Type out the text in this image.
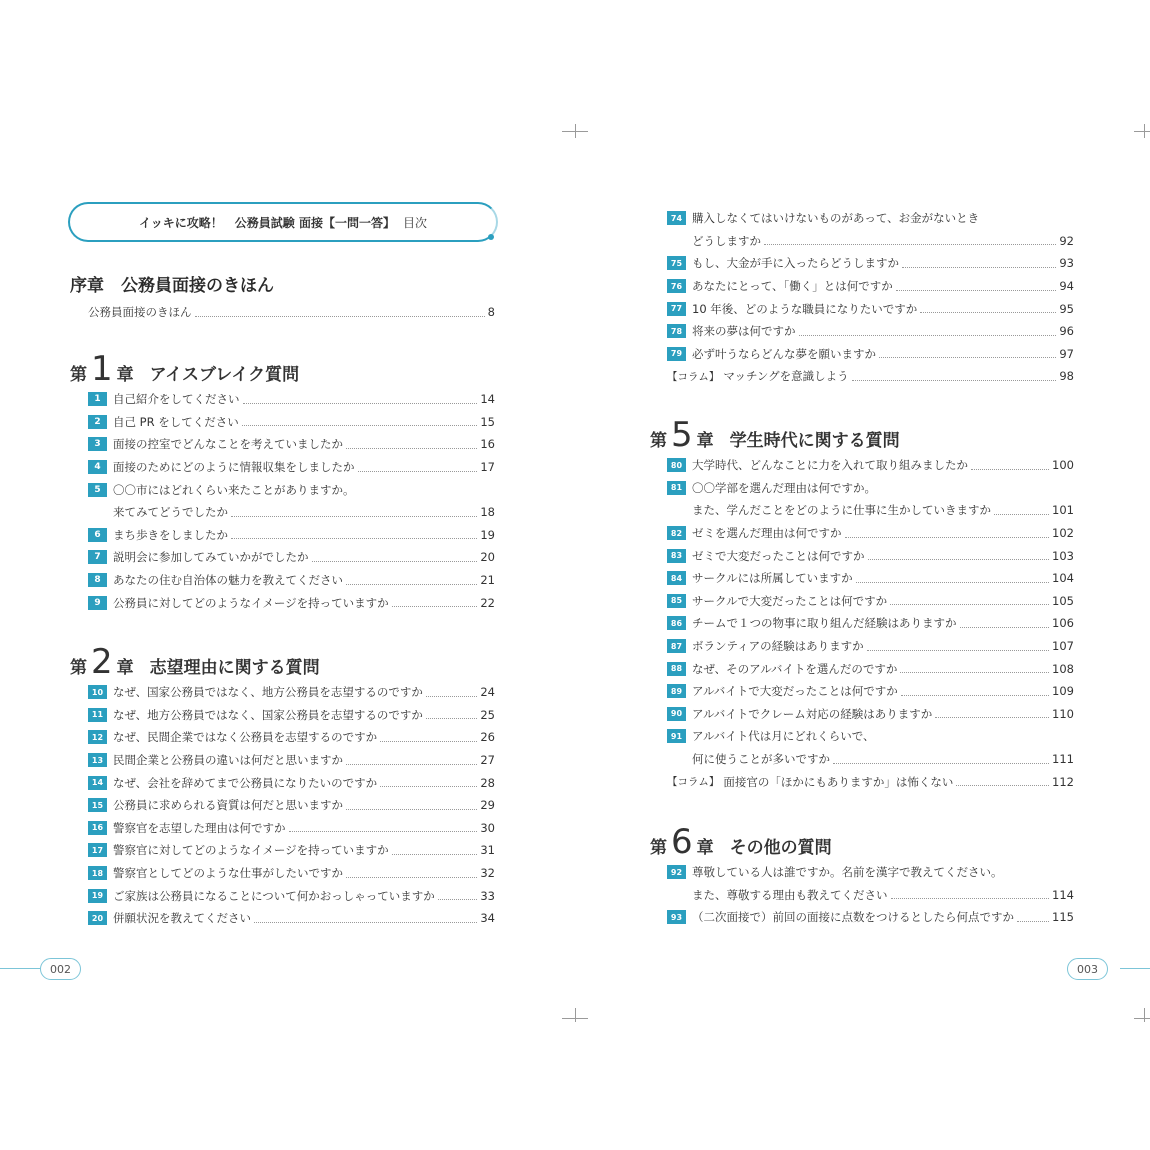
イッキに攻略！　公務員試験 面接【一問一答】 目次
序章　公務員面接のきほん
公務員面接のきほん	8
第 1 章 アイスブレイク質問
1	自己紹介をしてください	14
2	自己 PR をしてください	15
3	面接の控室でどんなことを考えていましたか	16
4	面接のためにどのように情報収集をしましたか	17
5	〇〇市にはどれくらい来たことがありますか。
来てみてどうでしたか	18
6	まち歩きをしましたか	19
7	説明会に参加してみていかがでしたか	20
8	あなたの住む自治体の魅力を教えてください	21
9	公務員に対してどのようなイメージを持っていますか	22
第 2 章 志望理由に関する質問
10 なぜ、国家公務員ではなく、地方公務員を志望するのですか	24
11 なぜ、地方公務員ではなく、国家公務員を志望するのですか	25
12 なぜ、民間企業ではなく公務員を志望するのですか	26
13 民間企業と公務員の違いは何だと思いますか	27
14 なぜ、会社を辞めてまで公務員になりたいのですか	28
15 公務員に求められる資質は何だと思いますか	29
16 警察官を志望した理由は何ですか	30
17 警察官に対してどのようなイメージを持っていますか	31
18 警察官としてどのような仕事がしたいですか	32
19 ご家族は公務員になることについて何かおっしゃっていますか	33
20 併願状況を教えてください	34
002
74 購入しなくてはいけないものがあって、お金がないとき
どうしますか	92
75 もし、大金が手に入ったらどうしますか	93
76 あなたにとって、「働く」とは何ですか	94
77 10 年後、どのような職員になりたいですか	95
78 将来の夢は何ですか	96
79 必ず叶うならどんな夢を願いますか	97
【コラム】 マッチングを意識しよう	98
第 5 章 学生時代に関する質問
80 大学時代、どんなことに力を入れて取り組みましたか	100
81 〇〇学部を選んだ理由は何ですか。
また、学んだことをどのように仕事に生かしていきますか	101
82 ゼミを選んだ理由は何ですか	102
83 ゼミで大変だったことは何ですか	103
84 サークルには所属していますか	104
85 サークルで大変だったことは何ですか	105
86 チームで１つの物事に取り組んだ経験はありますか	106
87 ボランティアの経験はありますか	107
88 なぜ、そのアルバイトを選んだのですか	108
89 アルバイトで大変だったことは何ですか	109
90 アルバイトでクレーム対応の経験はありますか	110
91 アルバイト代は月にどれくらいで、
何に使うことが多いですか	111
【コラム】 面接官の「ほかにもありますか」は怖くない	112
第 6 章 その他の質問
92 尊敬している人は誰ですか。名前を漢字で教えてください。
また、尊敬する理由も教えてください	114
93 （二次面接で）前回の面接に点数をつけるとしたら何点ですか	115
003
